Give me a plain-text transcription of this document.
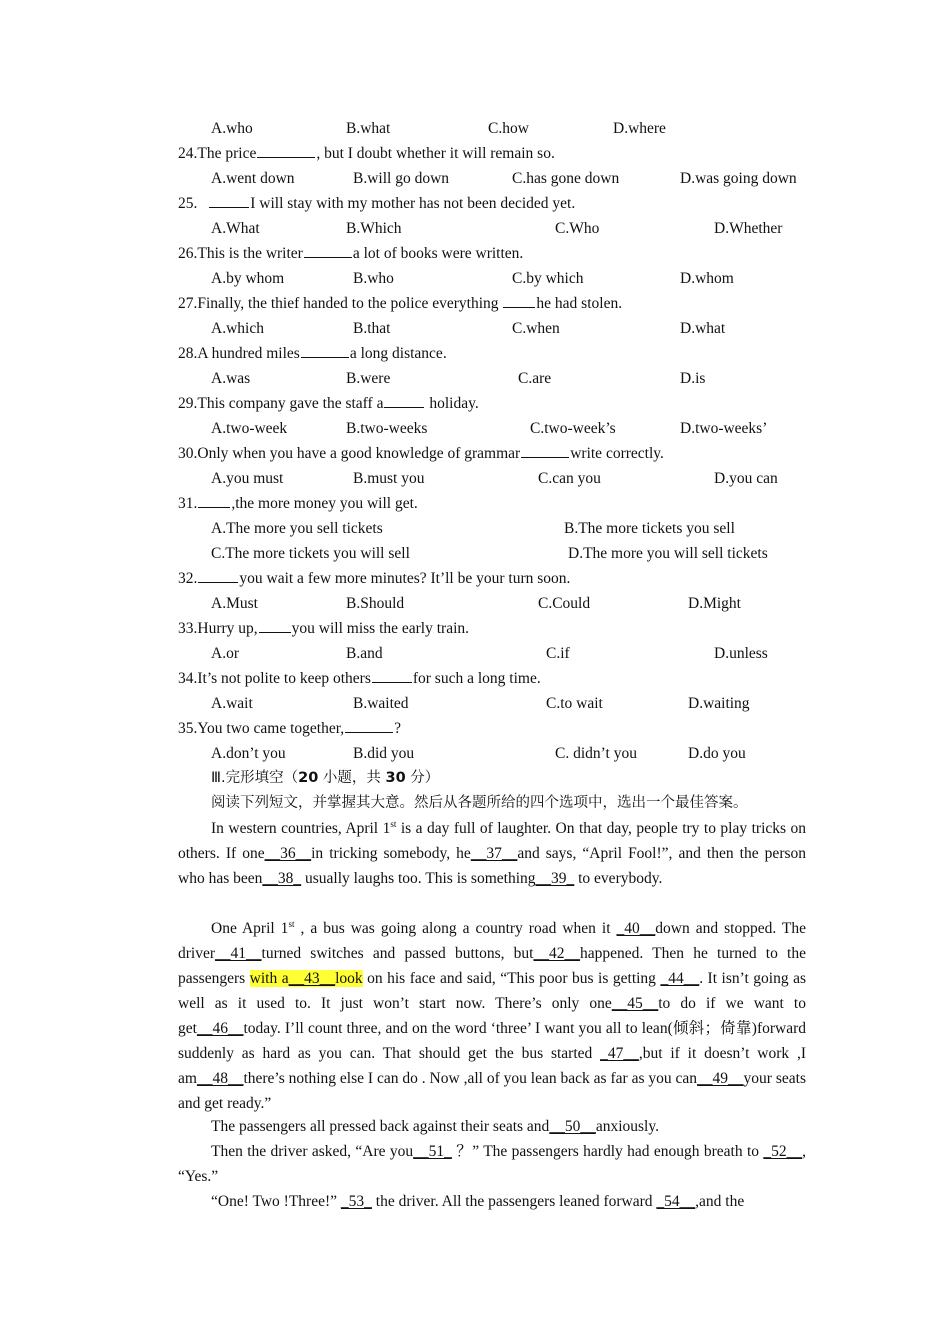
A.who	B.what	C.how	D.where
24.The price	, but I doubt whether it will remain so.
A.went down	B.will go down	C.has gone down	D.was going down
25.	I will stay with my mother has not been decided yet.
A.What	B.Which	C.Who	D.Whether
26.This is the writer	a lot of books were written.
A.by whom	B.who	C.by which	D.whom
27.Finally, the thief handed to the police everything he had stolen.
A.which	B.that	C.when	D.what
28.A hundred miles	a long distance.
A.was	B.were	C.are	D.is
29.This company gave the staff a	holiday.
A.two-week	B.two-weeks	C.two-week’s	D.two-weeks’
30.Only when you have a good knowledge of grammar	write correctly.
A.you must	B.must you	C.can you	D.you can
31. ,the more money you will get.
A.The more you sell tickets	B.The more tickets you sell
C.The more tickets you will sell	D.The more you will sell tickets
32.	you wait a few more minutes? It’ll be your turn soon.
A.Must	B.Should	C.Could	D.Might
33.Hurry up, you will miss the early train.
A.or	B.and	C.if	D.unless
34.It’s not polite to keep others	for such a long time.
A.wait	B.waited	C.to wait	D.waiting
35.You two came together,	?
A.don’t you	B.did you	C. didn’t you	D.do you
Ⅲ.完形填空（20 小题，共 30 分）
阅读下列短文，并掌握其大意。然后从各题所给的四个选项中，选出一个最佳答案。
In western countries, April 1st is a day full of laughter. On that day, people try to play tricks on others. If one__36__in tricking somebody, he__37__and says, “April Fool!”, and then the person who has been__38_ usually laughs too. This is something__39_ to everybody.
One April 1st , a bus was going along a country road when it _40__down and stopped. The driver__41__turned switches and passed buttons, but__42__happened. Then he turned to the passengers with a__43__look on his face and said, “This poor bus is getting _44__. It isn’t going as well as it used to. It just won’t start now. There’s only one__45__to do if we want to get__46__today. I’ll count three, and on the word ‘three’ I want you all to lean(倾斜；倚靠)forward suddenly as hard as you can. That should get the bus started _47__,but if it doesn’t work ,I am__48__there’s nothing else I can do . Now ,all of you lean back as far as you can__49__your seats and get ready.”
The passengers all pressed back against their seats and__50__anxiously.
Then the driver asked, “Are you__51_ ？” The passengers hardly had enough breath to _52__, “Yes.”
“One! Two !Three!” _53_ the driver. All the passengers leaned forward _54__,and the
